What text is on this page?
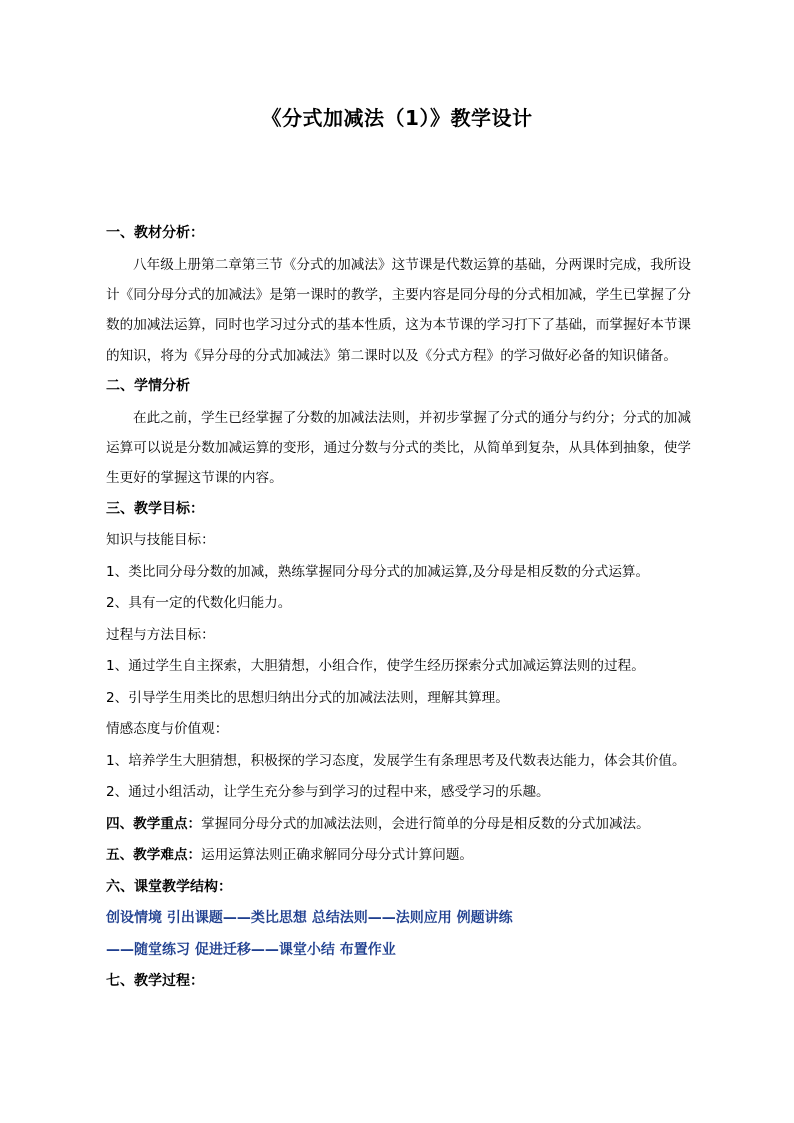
《分式加减法（1）》教学设计

一、教材分析：

八年级上册第二章第三节《分式的加减法》这节课是代数运算的基础，分两课时完成，我所设计《同分母分式的加减法》是第一课时的教学，主要内容是同分母的分式相加减，学生已掌握了分数的加减法运算，同时也学习过分式的基本性质，这为本节课的学习打下了基础，而掌握好本节课的知识，将为《异分母的分式加减法》第二课时以及《分式方程》的学习做好必备的知识储备。

二、学情分析

在此之前，学生已经掌握了分数的加减法法则，并初步掌握了分式的通分与约分；分式的加减运算可以说是分数加减运算的变形，通过分数与分式的类比，从简单到复杂，从具体到抽象，使学生更好的掌握这节课的内容。

三、教学目标：

知识与技能目标：

1、类比同分母分数的加减，熟练掌握同分母分式的加减运算,及分母是相反数的分式运算。

2、具有一定的代数化归能力。

过程与方法目标：

1、通过学生自主探索，大胆猜想，小组合作，使学生经历探索分式加减运算法则的过程。

2、引导学生用类比的思想归纳出分式的加减法法则，理解其算理。

情感态度与价值观：

1、培养学生大胆猜想，积极探的学习态度，发展学生有条理思考及代数表达能力，体会其价值。

2、通过小组活动，让学生充分参与到学习的过程中来，感受学习的乐趣。

四、教学重点：掌握同分母分式的加减法法则，会进行简单的分母是相反数的分式加减法。

五、教学难点：运用运算法则正确求解同分母分式计算问题。

六、课堂教学结构：

创设情境 引出课题——类比思想 总结法则——法则应用 例题讲练

——随堂练习 促进迁移——课堂小结 布置作业

七、教学过程：
